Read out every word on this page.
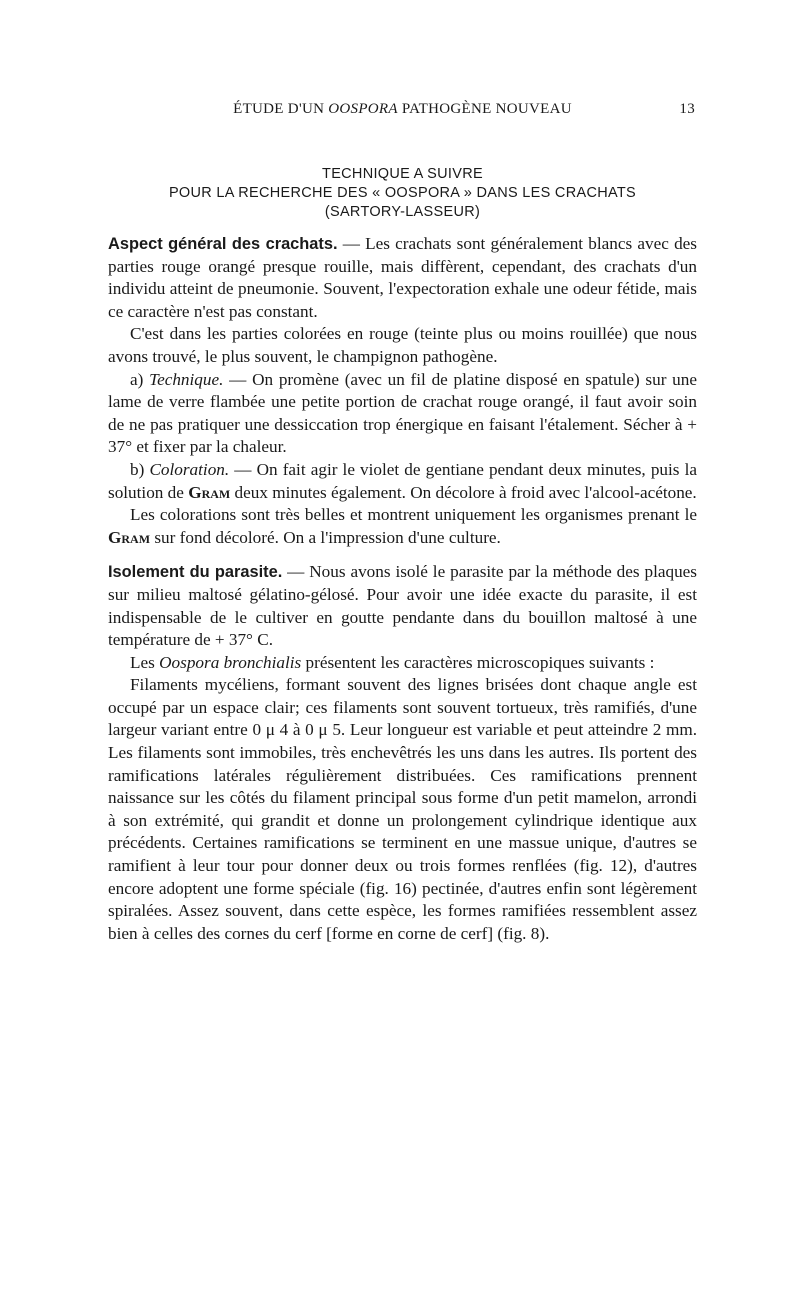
ÉTUDE D'UN OOSPORA PATHOGÈNE NOUVEAU	13
TECHNIQUE A SUIVRE
POUR LA RECHERCHE DES « OOSPORA » DANS LES CRACHATS
(SARTORY-LASSEUR)

Aspect général des crachats. — Les crachats sont généralement blancs avec des parties rouge orangé presque rouille, mais diffèrent, cependant, des crachats d'un individu atteint de pneumonie. Souvent, l'expectoration exhale une odeur fétide, mais ce caractère n'est pas constant.

C'est dans les parties colorées en rouge (teinte plus ou moins rouillée) que nous avons trouvé, le plus souvent, le champignon pathogène.

a) Technique. — On promène (avec un fil de platine disposé en spatule) sur une lame de verre flambée une petite portion de crachat rouge orangé, il faut avoir soin de ne pas pratiquer une dessiccation trop énergique en faisant l'étalement. Sécher à + 37° et fixer par la chaleur.

b) Coloration. — On fait agir le violet de gentiane pendant deux minutes, puis la solution de Gram deux minutes également. On décolore à froid avec l'alcool-acétone.

Les colorations sont très belles et montrent uniquement les organismes prenant le Gram sur fond décoloré. On a l'impression d'une culture.

Isolement du parasite. — Nous avons isolé le parasite par la méthode des plaques sur milieu maltosé gélatino-gélosé. Pour avoir une idée exacte du parasite, il est indispensable de le cultiver en goutte pendante dans du bouillon maltosé à une température de + 37° C.

Les Oospora bronchialis présentent les caractères microscopiques suivants :

Filaments mycéliens, formant souvent des lignes brisées dont chaque angle est occupé par un espace clair; ces filaments sont souvent tortueux, très ramifiés, d'une largeur variant entre 0 μ 4 à 0 μ 5. Leur longueur est variable et peut atteindre 2 mm. Les filaments sont immobiles, très enchevêtrés les uns dans les autres. Ils portent des ramifications latérales régulièrement distribuées. Ces ramifications prennent naissance sur les côtés du filament principal sous forme d'un petit mamelon, arrondi à son extrémité, qui grandit et donne un prolongement cylindrique identique aux précédents. Certaines ramifications se terminent en une massue unique, d'autres se ramifient à leur tour pour donner deux ou trois formes renflées (fig. 12), d'autres encore adoptent une forme spéciale (fig. 16) pectinée, d'autres enfin sont légèrement spiralées. Assez souvent, dans cette espèce, les formes ramifiées ressemblent assez bien à celles des cornes du cerf [forme en corne de cerf] (fig. 8).
